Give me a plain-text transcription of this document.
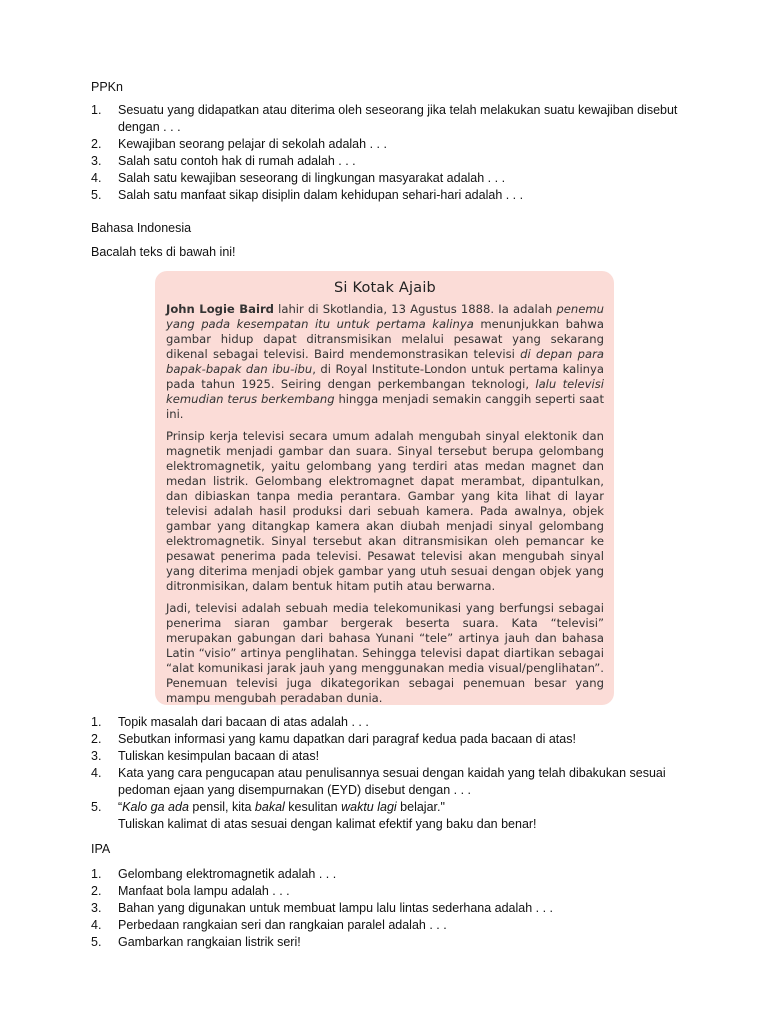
PPKn
1. Sesuatu yang didapatkan atau diterima oleh seseorang jika telah melakukan suatu kewajiban disebut dengan . . .
2. Kewajiban seorang pelajar di sekolah adalah . . .
3. Salah satu contoh hak di rumah adalah . . .
4. Salah satu kewajiban seseorang di lingkungan masyarakat adalah . . .
5. Salah satu manfaat sikap disiplin dalam kehidupan sehari-hari adalah . . .
Bahasa Indonesia
Bacalah teks di bawah ini!
Si Kotak Ajaib

John Logie Baird lahir di Skotlandia, 13 Agustus 1888. Ia adalah penemu yang pada kesempatan itu untuk pertama kalinya menunjukkan bahwa gambar hidup dapat ditransmisikan melalui pesawat yang sekarang dikenal sebagai televisi. Baird mendemonstrasikan televisi di depan para bapak-bapak dan ibu-ibu, di Royal Institute-London untuk pertama kalinya pada tahun 1925. Seiring dengan perkembangan teknologi, lalu televisi kemudian terus berkembang hingga menjadi semakin canggih seperti saat ini.

Prinsip kerja televisi secara umum adalah mengubah sinyal elektonik dan magnetik menjadi gambar dan suara. Sinyal tersebut berupa gelombang elektromagnetik, yaitu gelombang yang terdiri atas medan magnet dan medan listrik. Gelombang elektromagnet dapat merambat, dipantulkan, dan dibiaskan tanpa media perantara. Gambar yang kita lihat di layar televisi adalah hasil produksi dari sebuah kamera. Pada awalnya, objek gambar yang ditangkap kamera akan diubah menjadi sinyal gelombang elektromagnetik. Sinyal tersebut akan ditransmisikan oleh pemancar ke pesawat penerima pada televisi. Pesawat televisi akan mengubah sinyal yang diterima menjadi objek gambar yang utuh sesuai dengan objek yang ditronmisikan, dalam bentuk hitam putih atau berwarna.

Jadi, televisi adalah sebuah media telekomunikasi yang berfungsi sebagai penerima siaran gambar bergerak beserta suara. Kata “televisi” merupakan gabungan dari bahasa Yunani “tele” artinya jauh dan bahasa Latin “visio” artinya penglihatan. Sehingga televisi dapat diartikan sebagai “alat komunikasi jarak jauh yang menggunakan media visual/penglihatan”. Penemuan televisi juga dikategorikan sebagai penemuan besar yang mampu mengubah peradaban dunia.

1. Topik masalah dari bacaan di atas adalah . . .
2. Sebutkan informasi yang kamu dapatkan dari paragraf kedua pada bacaan di atas!
3. Tuliskan kesimpulan bacaan di atas!
4. Kata yang cara pengucapan atau penulisannya sesuai dengan kaidah yang telah dibakukan sesuai pedoman ejaan yang disempurnakan (EYD) disebut dengan . . .
5. “Kalo ga ada pensil, kita bakal kesulitan waktu lagi belajar."
Tuliskan kalimat di atas sesuai dengan kalimat efektif yang baku dan benar!
IPA
1. Gelombang elektromagnetik adalah . . .
2. Manfaat bola lampu adalah . . .
3. Bahan yang digunakan untuk membuat lampu lalu lintas sederhana adalah . . .
4. Perbedaan rangkaian seri dan rangkaian paralel adalah . . .
5. Gambarkan rangkaian listrik seri!
